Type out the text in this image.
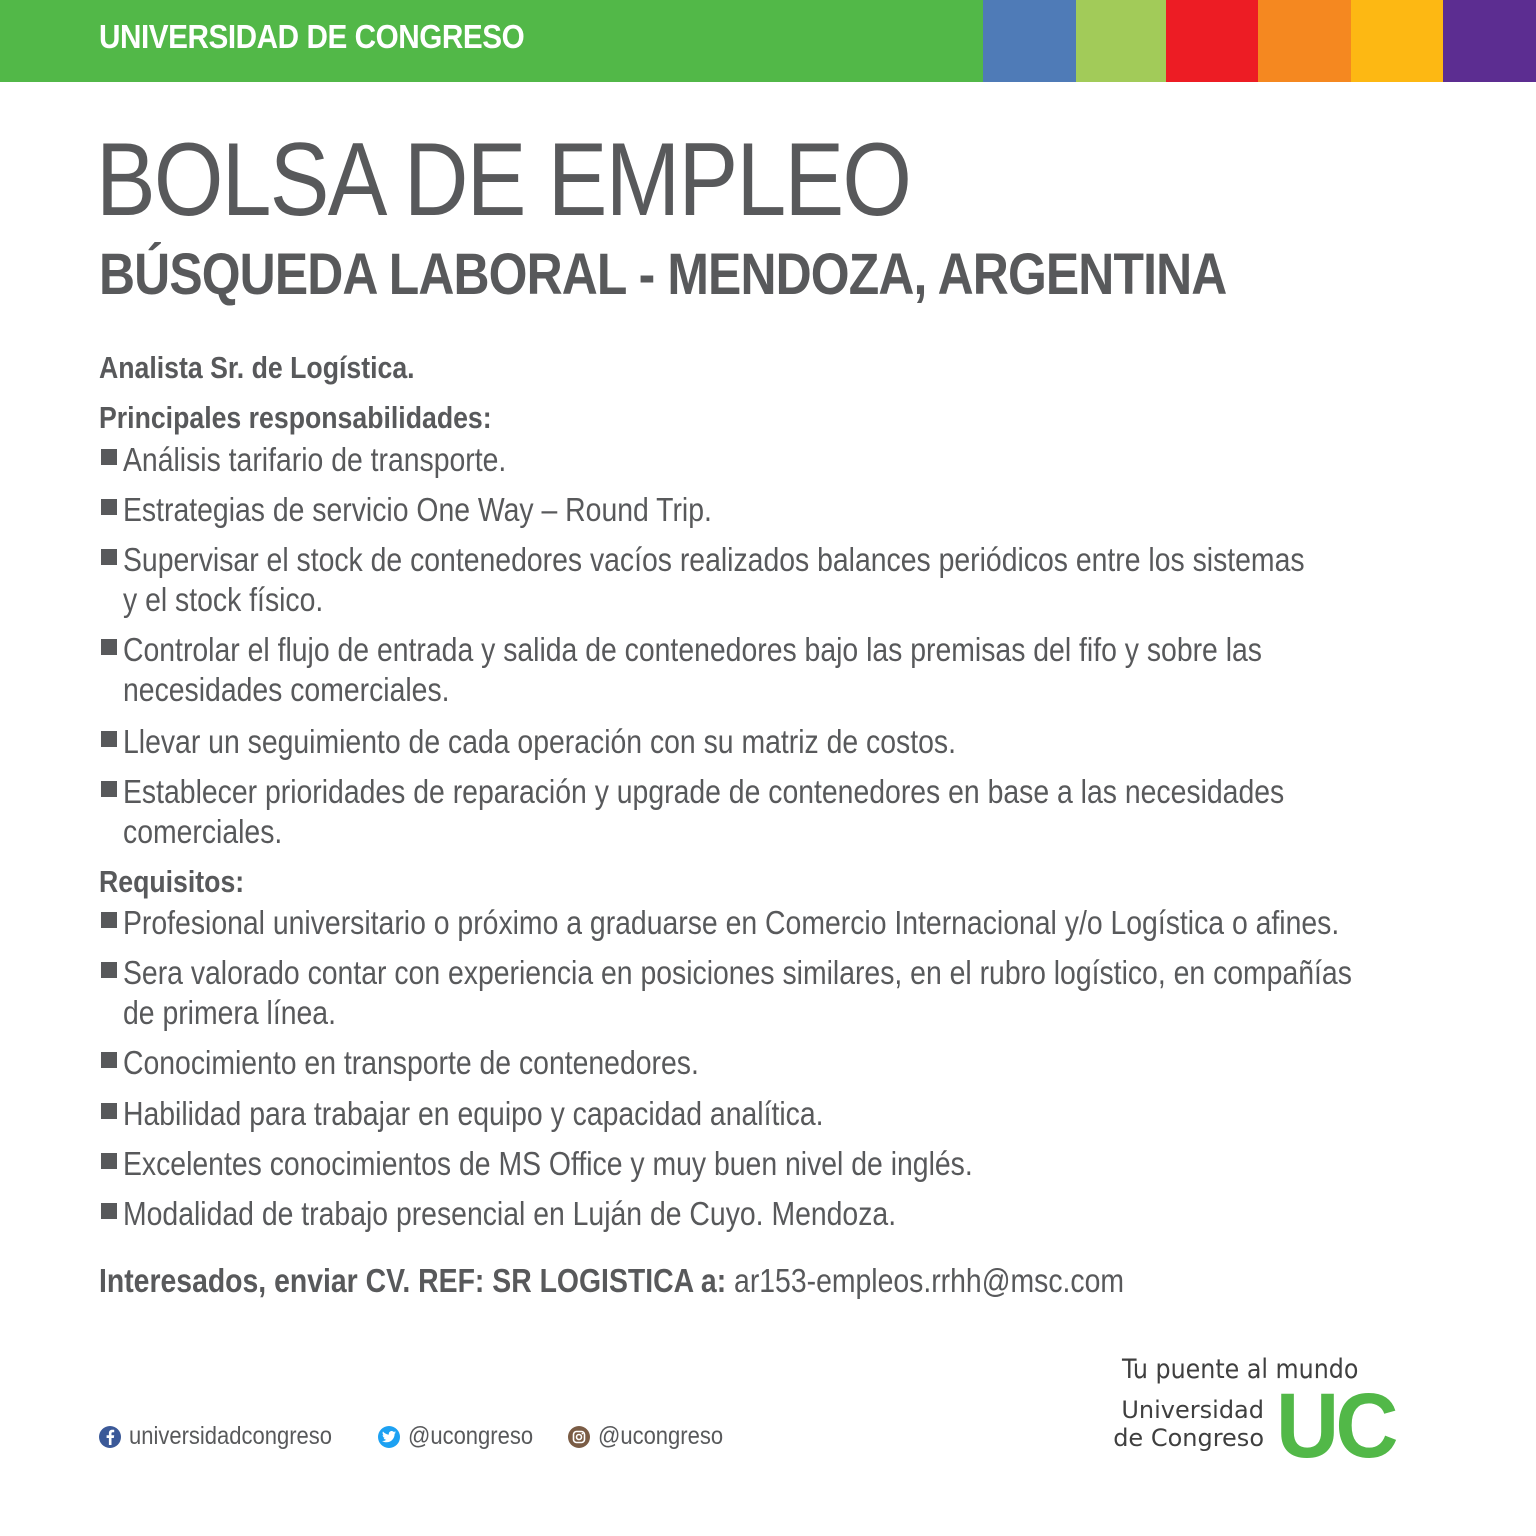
UNIVERSIDAD DE CONGRESO
BOLSA DE EMPLEO
BÚSQUEDA LABORAL - MENDOZA, ARGENTINA
Analista Sr. de Logística.
Principales responsabilidades:
Análisis tarifario de transporte.
Estrategias de servicio One Way – Round Trip.
Supervisar el stock de contenedores vacíos realizados balances periódicos entre los sistemas
y el stock físico.
Controlar el flujo de entrada y salida de contenedores bajo las premisas del fifo y sobre las
necesidades comerciales.
Llevar un seguimiento de cada operación con su matriz de costos.
Establecer prioridades de reparación y upgrade de contenedores en base a las necesidades
comerciales.
Requisitos:
Profesional universitario o próximo a graduarse en Comercio Internacional y/o Logística o afines.
Sera valorado contar con experiencia en posiciones similares, en el rubro logístico, en compañías
de primera línea.
Conocimiento en transporte de contenedores.
Habilidad para trabajar en equipo y capacidad analítica.
Excelentes conocimientos de MS Office y muy buen nivel de inglés.
Modalidad de trabajo presencial en Luján de Cuyo. Mendoza.
Interesados, enviar CV. REF: SR LOGISTICA a: ar153-empleos.rrhh@msc.com
universidadcongreso	@ucongreso	@ucongreso
Tu puente al mundo
Universidad
de Congreso UC
